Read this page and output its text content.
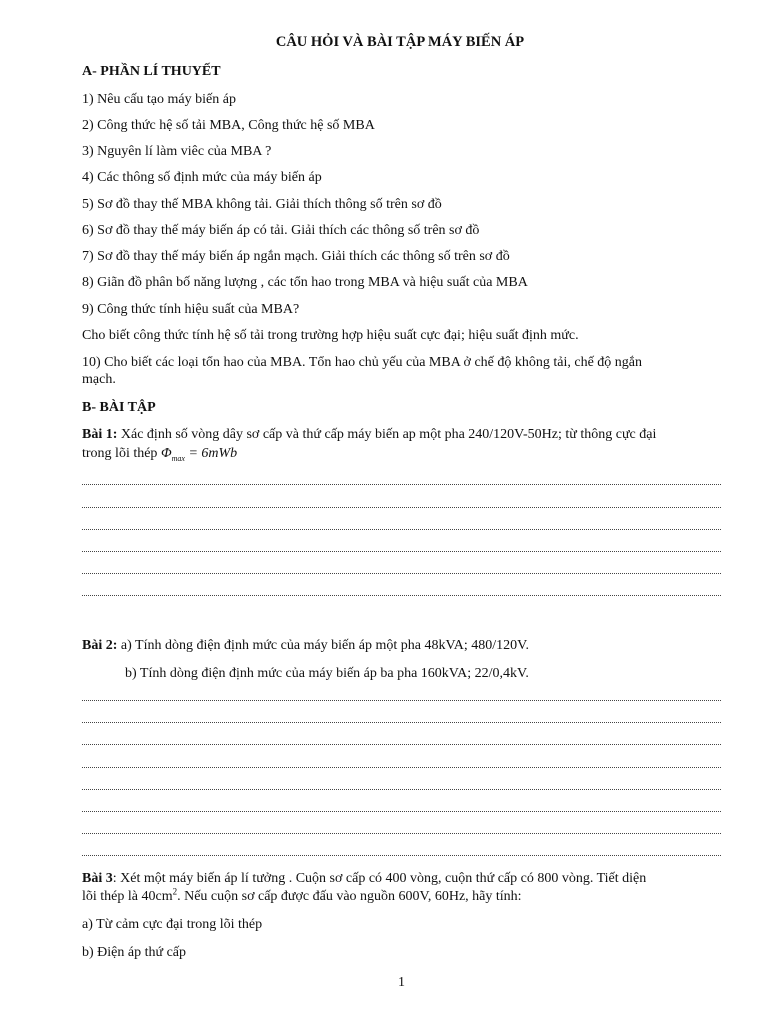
CÂU HỎI VÀ BÀI TẬP MÁY BIẾN ÁP
A- PHẦN LÍ THUYẾT
1) Nêu cấu tạo máy biến áp
2) Công thức hệ số tải MBA, Công thức hệ số MBA
3) Nguyên lí làm viêc của MBA ?
4) Các thông số định mức của máy biến áp
5) Sơ đồ thay thế MBA không tải. Giải thích thông số trên sơ đồ
6) Sơ đồ thay thế máy biến áp có tải. Giải thích các thông số trên sơ đồ
7) Sơ đồ thay thế máy biến áp ngắn mạch. Giải thích các thông số trên sơ đồ
8) Giãn đồ phân bố năng lượng , các tổn hao trong MBA và hiệu suất của MBA
9) Công thức tính hiệu suất của MBA?
Cho biết công thức tính hệ số tải trong trường hợp hiệu suất cực đại; hiệu suất định mức.
10) Cho biết các loại tổn hao của MBA. Tổn hao chủ yếu của MBA ở chế độ không tải, chế độ ngắn
mạch.
B- BÀI TẬP
Bài 1: Xác định số vòng dây sơ cấp và thứ cấp máy biến ap một pha 240/120V-50Hz; từ thông cực đại
trong lõi thép $\Phi_{max} = 6mWb$
Bài 2: a) Tính dòng điện định mức của máy biến áp một pha 48kVA; 480/120V.
b) Tính dòng điện định mức của máy biến áp ba pha 160kVA; 22/0,4kV.
Bài 3: Xét một máy biến áp lí tưởng . Cuộn sơ cấp có 400 vòng, cuộn thứ cấp có 800 vòng. Tiết diện
lõi thép là $40cm^2$. Nếu cuộn sơ cấp được đấu vào nguồn 600V, 60Hz, hãy tính:
a) Từ cảm cực đại trong lõi thép
b) Điện áp thứ cấp
1
